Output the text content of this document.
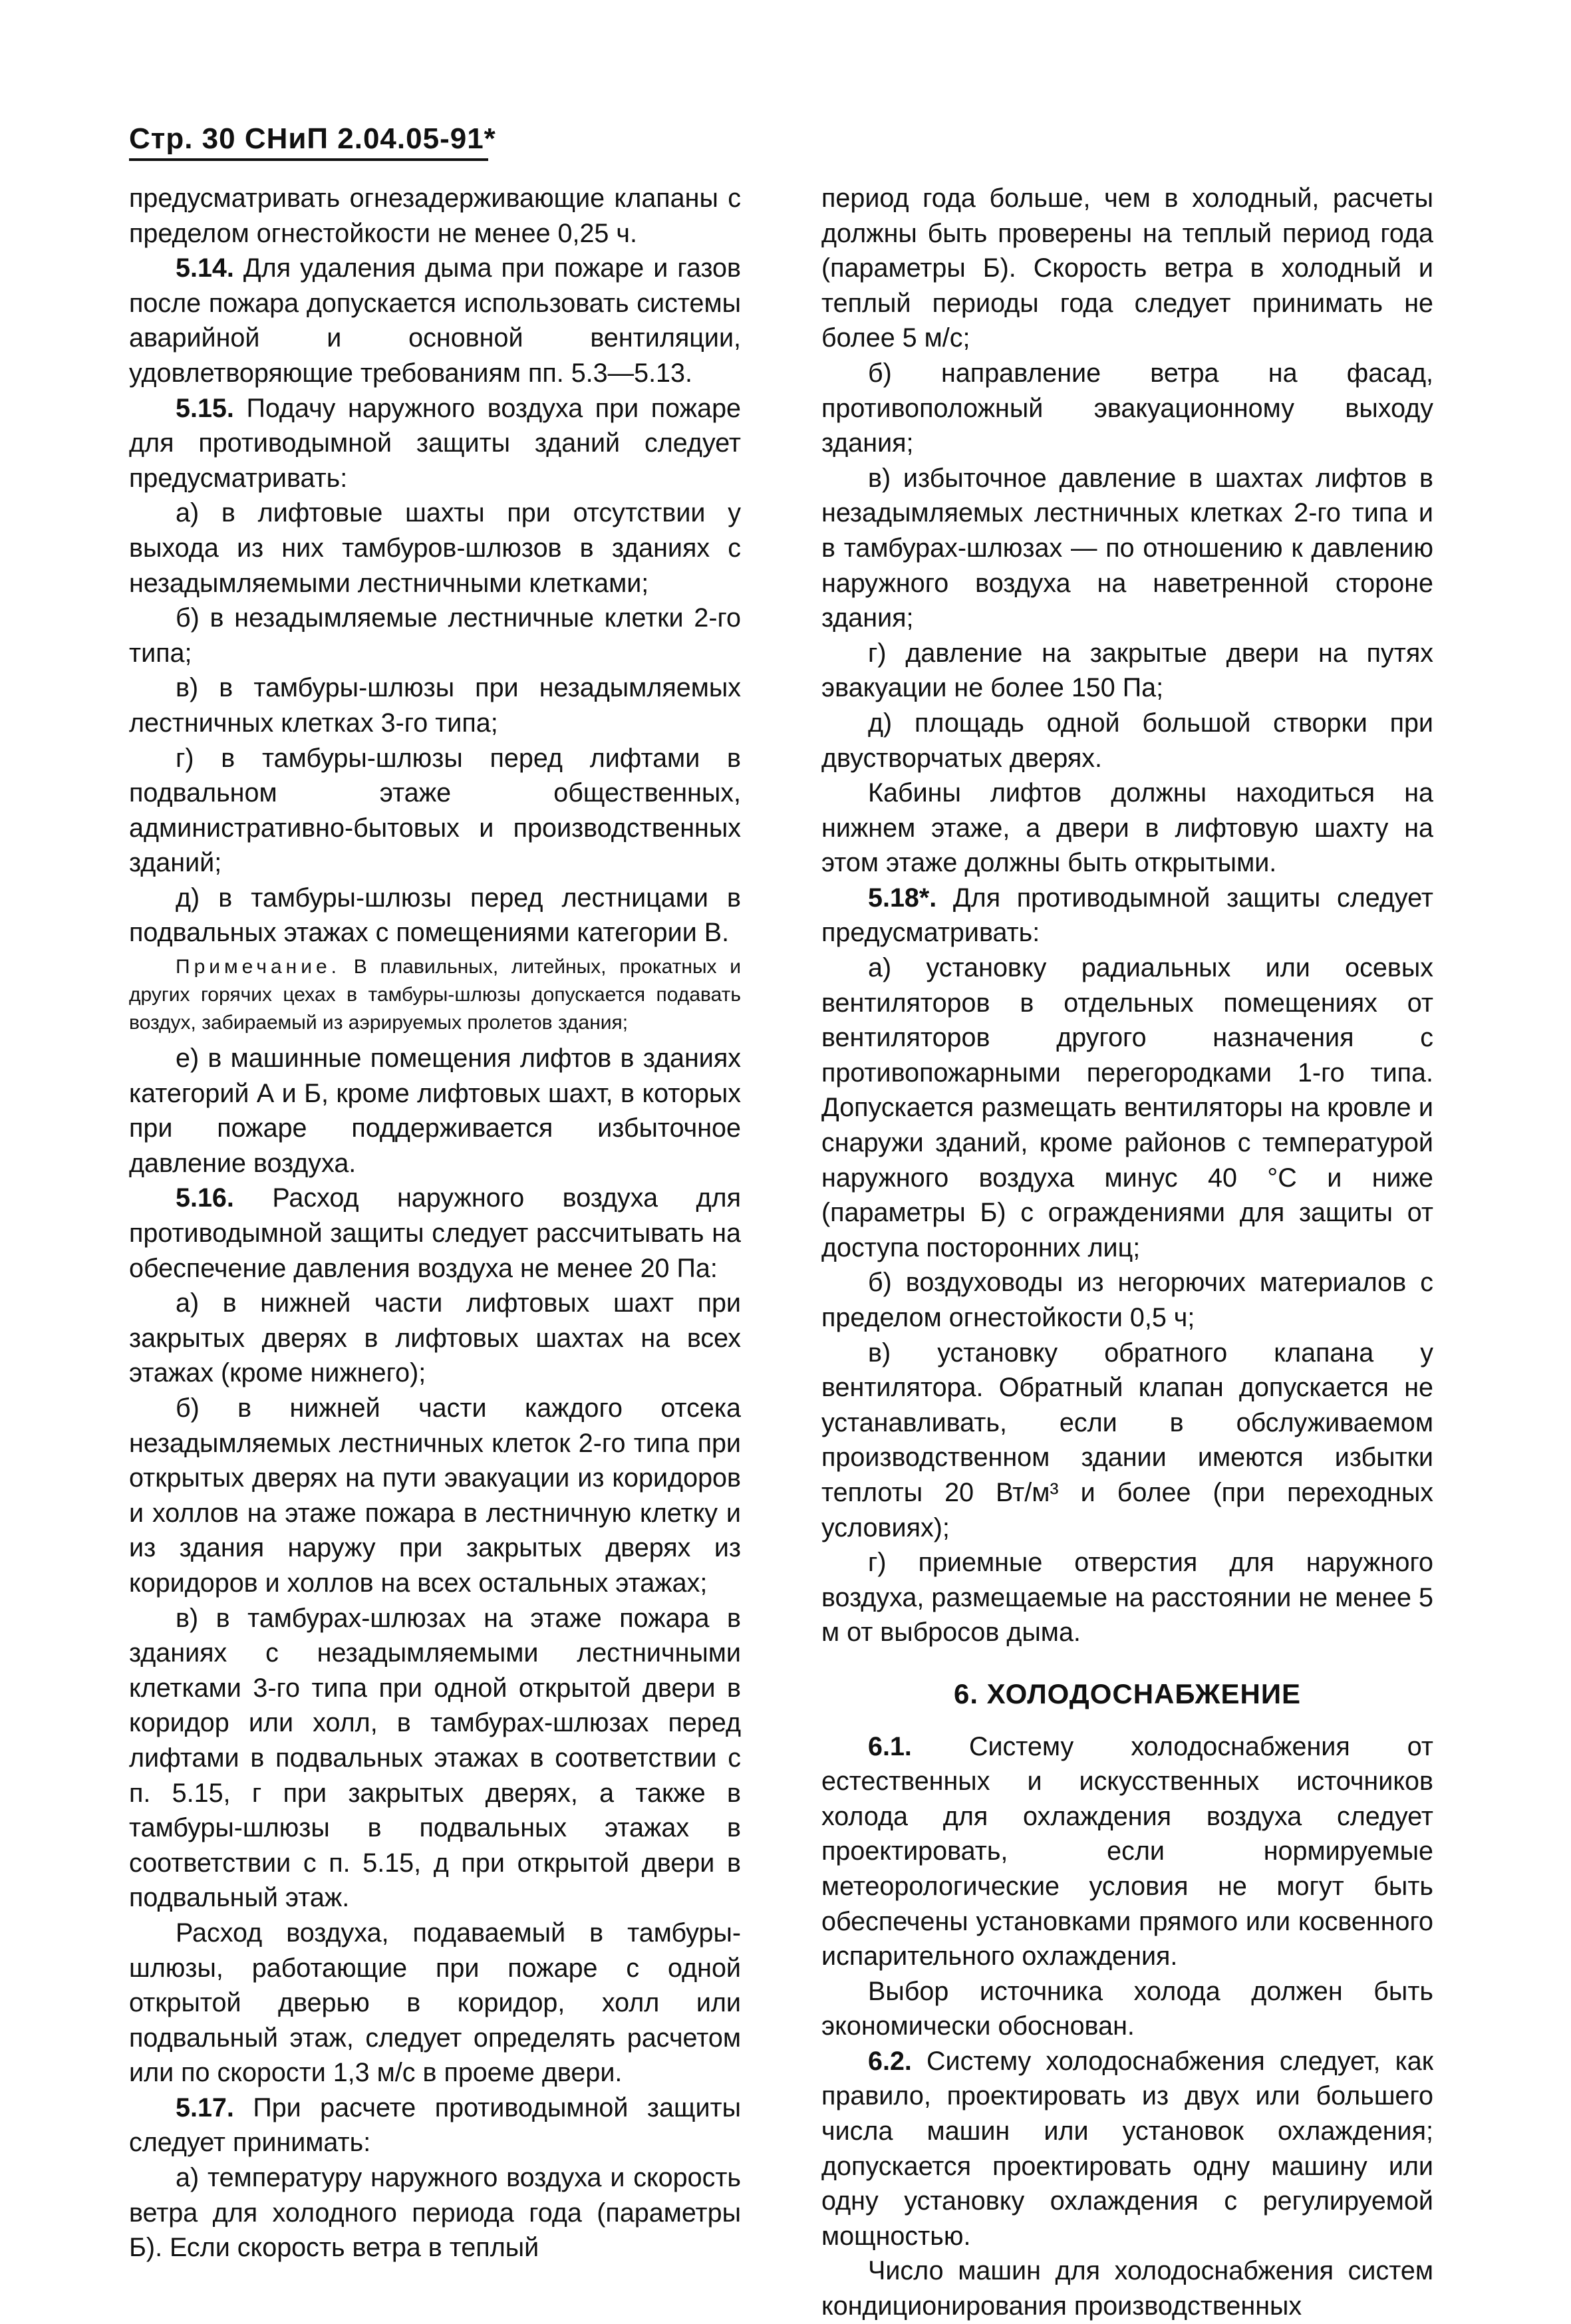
Стр. 30 СНиП 2.04.05-91*

предусматривать огнезадерживающие клапаны с пределом огнестойкости не менее 0,25 ч.

5.14. Для удаления дыма при пожаре и газов после пожара допускается использовать системы аварийной и основной вентиляции, удовлетворяющие требованиям пп. 5.3—5.13.

5.15. Подачу наружного воздуха при пожаре для противодымной защиты зданий следует предусматривать:

а) в лифтовые шахты при отсутствии у выхода из них тамбуров-шлюзов в зданиях с незадымляемыми лестничными клетками;

б) в незадымляемые лестничные клетки 2-го типа;

в) в тамбуры-шлюзы при незадымляемых лестничных клетках 3-го типа;

г) в тамбуры-шлюзы перед лифтами в подвальном этаже общественных, административно-бытовых и производственных зданий;

д) в тамбуры-шлюзы перед лестницами в подвальных этажах с помещениями категории В.

Примечание. В плавильных, литейных, прокатных и других горячих цехах в тамбуры-шлюзы допускается подавать воздух, забираемый из аэрируемых пролетов здания;

е) в машинные помещения лифтов в зданиях категорий А и Б, кроме лифтовых шахт, в которых при пожаре поддерживается избыточное давление воздуха.

5.16. Расход наружного воздуха для противодымной защиты следует рассчитывать на обеспечение давления воздуха не менее 20 Па:

а) в нижней части лифтовых шахт при закрытых дверях в лифтовых шахтах на всех этажах (кроме нижнего);

б) в нижней части каждого отсека незадымляемых лестничных клеток 2-го типа при открытых дверях на пути эвакуации из коридоров и холлов на этаже пожара в лестничную клетку и из здания наружу при закрытых дверях из коридоров и холлов на всех остальных этажах;

в) в тамбурах-шлюзах на этаже пожара в зданиях с незадымляемыми лестничными клетками 3-го типа при одной открытой двери в коридор или холл, в тамбурах-шлюзах перед лифтами в подвальных этажах в соответствии с п. 5.15, г при закрытых дверях, а также в тамбуры-шлюзы в подвальных этажах в соответствии с п. 5.15, д при открытой двери в подвальный этаж.

Расход воздуха, подаваемый в тамбуры-шлюзы, работающие при пожаре с одной открытой дверью в коридор, холл или подвальный этаж, следует определять расчетом или по скорости 1,3 м/с в проеме двери.

5.17. При расчете противодымной защиты следует принимать:

а) температуру наружного воздуха и скорость ветра для холодного периода года (параметры Б). Если скорость ветра в теплый

период года больше, чем в холодный, расчеты должны быть проверены на теплый период года (параметры Б). Скорость ветра в холодный и теплый периоды года следует принимать не более 5 м/с;

б) направление ветра на фасад, противоположный эвакуационному выходу здания;

в) избыточное давление в шахтах лифтов в незадымляемых лестничных клетках 2-го типа и в тамбурах-шлюзах — по отношению к давлению наружного воздуха на наветренной стороне здания;

г) давление на закрытые двери на путях эвакуации не более 150 Па;

д) площадь одной большой створки при двустворчатых дверях.

Кабины лифтов должны находиться на нижнем этаже, а двери в лифтовую шахту на этом этаже должны быть открытыми.

5.18*. Для противодымной защиты следует предусматривать:

а) установку радиальных или осевых вентиляторов в отдельных помещениях от вентиляторов другого назначения с противопожарными перегородками 1-го типа. Допускается размещать вентиляторы на кровле и снаружи зданий, кроме районов с температурой наружного воздуха минус 40 °С и ниже (параметры Б) с ограждениями для защиты от доступа посторонних лиц;

б) воздуховоды из негорючих материалов с пределом огнестойкости 0,5 ч;

в) установку обратного клапана у вентилятора. Обратный клапан допускается не устанавливать, если в обслуживаемом производственном здании имеются избытки теплоты 20 Вт/м³ и более (при переходных условиях);

г) приемные отверстия для наружного воздуха, размещаемые на расстоянии не менее 5 м от выбросов дыма.

6. ХОЛОДОСНАБЖЕНИЕ

6.1. Систему холодоснабжения от естественных и искусственных источников холода для охлаждения воздуха следует проектировать, если нормируемые метеорологические условия не могут быть обеспечены установками прямого или косвенного испарительного охлаждения.

Выбор источника холода должен быть экономически обоснован.

6.2. Систему холодоснабжения следует, как правило, проектировать из двух или большего числа машин или установок охлаждения; допускается проектировать одну машину или одну установку охлаждения с регулируемой мощностью.

Число машин для холодоснабжения систем кондиционирования производственных
